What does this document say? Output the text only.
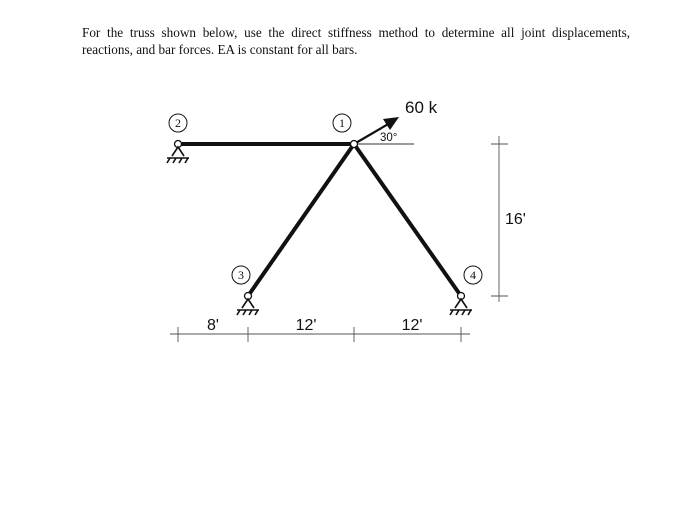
For the truss shown below, use the direct stiffness method to determine all joint displacements, reactions, and bar forces. EA is constant for all bars.

60 k
30°
1
2
3	4
8'	12'	12'
16'
